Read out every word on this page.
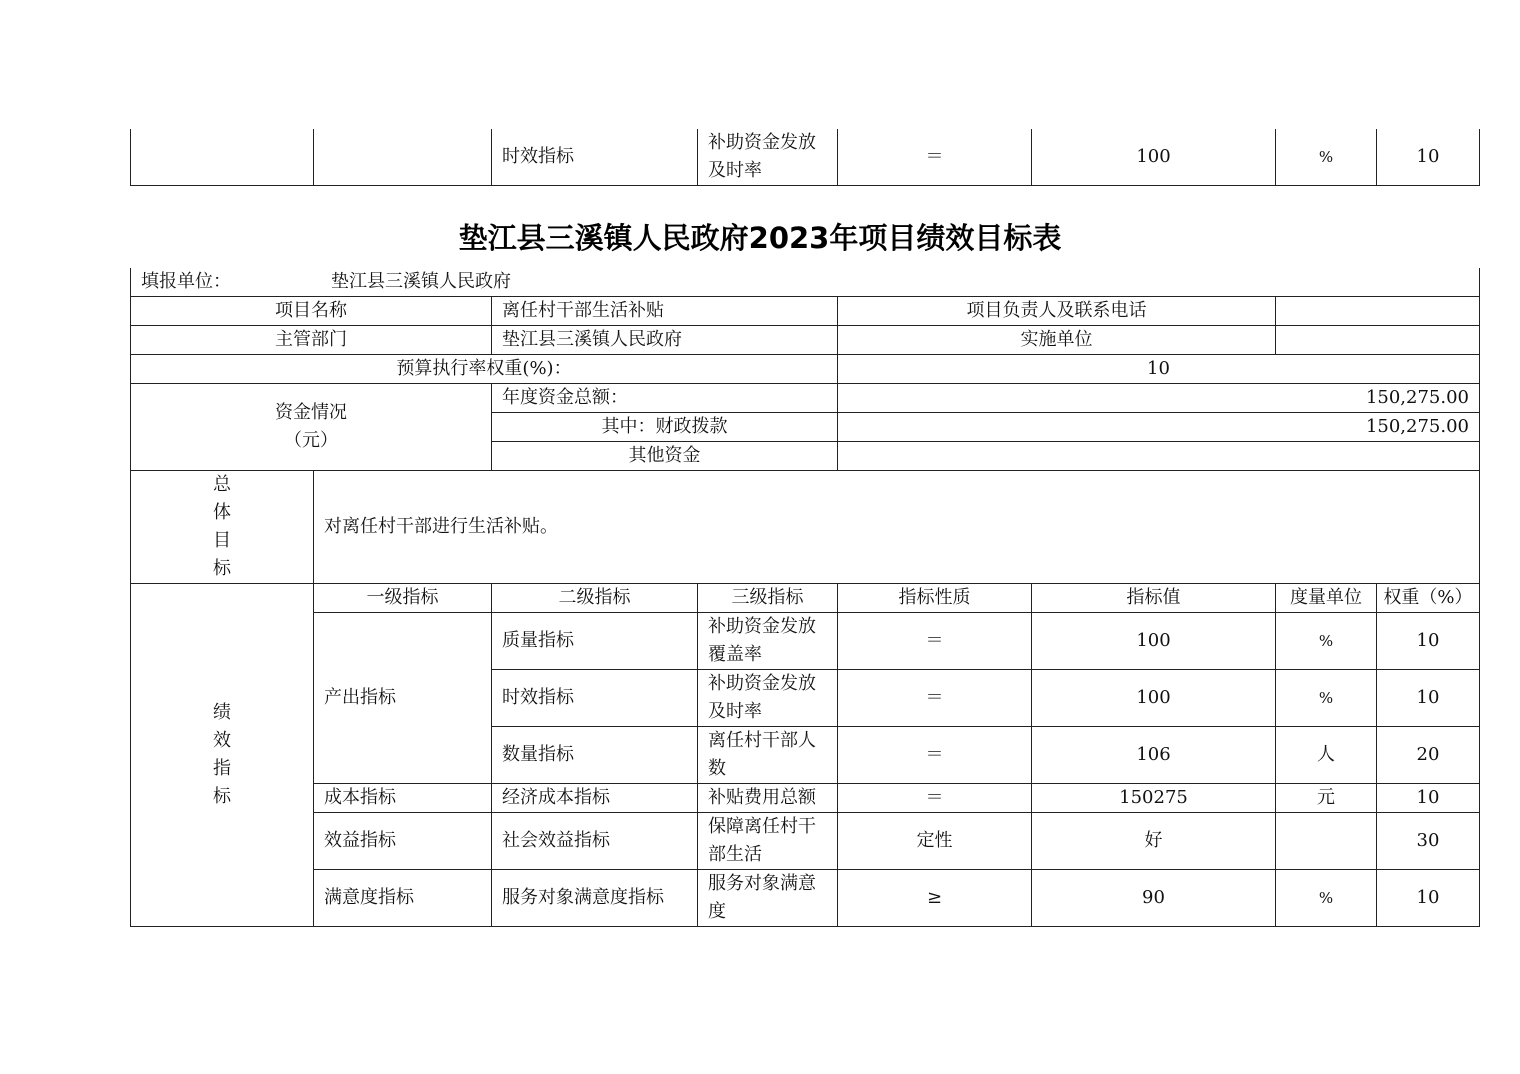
		时效指标	补助资金发放及时率	＝	100	%	10
垫江县三溪镇人民政府2023年项目绩效目标表
填报单位： 垫江县三溪镇人民政府							
项目名称		离任村干部生活补贴		项目负责人及联系电话			
主管部门		垫江县三溪镇人民政府		实施单位			
预算执行率权重(%)：				10			

资金情况
（元）		年度资金总额：		150,275.00			
		其中：财政拨款		150,275.00			
		其他资金					
总
体
目
标	对离任村干部进行生活补贴。						
绩
效
指
标	一级指标	二级指标	三级指标	指标性质	指标值	度量单位	权重（%）
	产出指标	质量指标	补助资金发放覆盖率	＝	100	%	10
		时效指标	补助资金发放及时率	＝	100	%	10
		数量指标	离任村干部人数	＝	106	人	20
	成本指标	经济成本指标	补贴费用总额	＝	150275	元	10
	效益指标	社会效益指标	保障离任村干部生活	定性	好		30
	满意度指标	服务对象满意度指标	服务对象满意度	≥	90	%	10
